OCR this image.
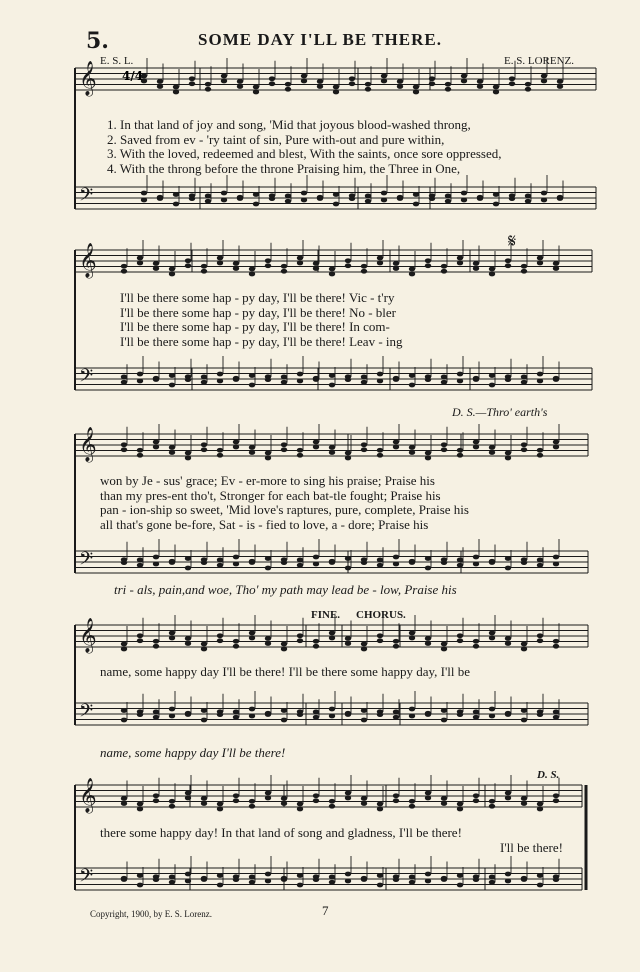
5.	SOME DAY I'LL BE THERE.
E. S. L.	E. S. LORENZ.
𝄞
𝄢
𝄞
𝄢
𝄞
𝄢
𝄞
𝄢
𝄞
𝄢
4/4
1. In that land of joy and song, 'Mid that joyous blood-washed throng,
2. Saved from ev - 'ry taint of sin, Pure with-out and pure within,
3. With the loved, redeemed and blest, With the saints, once sore oppressed,
4. With the throng before the throne Praising him, the Three in One,
𝄋
I'll be there some hap - py day, I'll be there! Vic - t'ry
I'll be there some hap - py day, I'll be there! No - bler
I'll be there some hap - py day, I'll be there! In com-
I'll be there some hap - py day, I'll be there! Leav - ing
D. S.—Thro' earth's
won by Je - sus' grace; Ev - er-more to sing his praise; Praise his
than my pres-ent tho't, Stronger for each bat-tle fought; Praise his
pan - ion-ship so sweet, 'Mid love's raptures, pure, complete, Praise his
all that's gone be-fore, Sat - is - fied to love, a - dore; Praise his
tri - als, pain,and woe, Tho' my path may lead be - low, Praise his
FINE. CHORUS.
name, some happy day I'll be there! I'll be there some happy day, I'll be
name, some happy day I'll be there!
D. S.
there some happy day! In that land of song and gladness, I'll be there!
I'll be there!
Copyright, 1900, by E. S. Lorenz.	7
